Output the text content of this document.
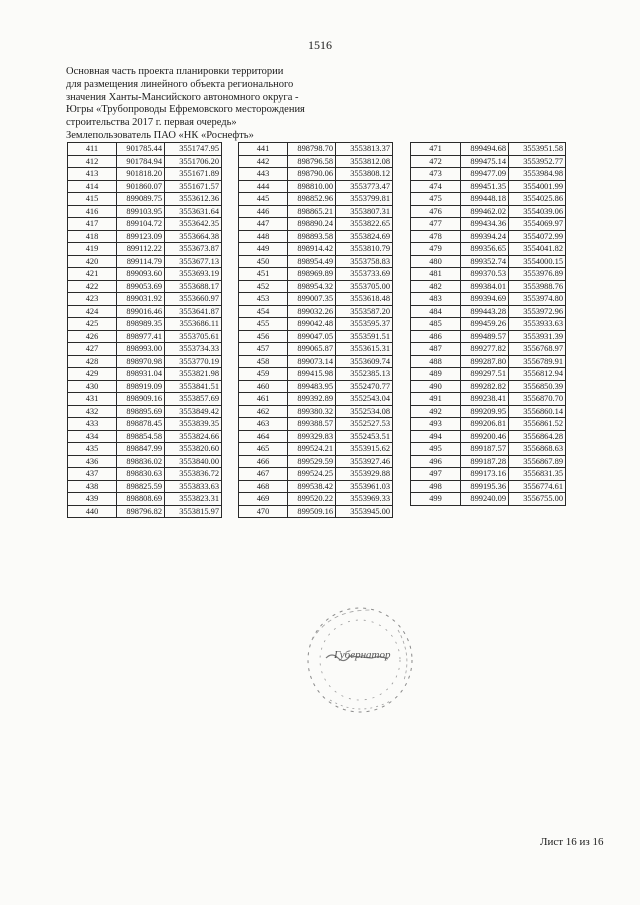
1516
Основная часть проекта планировки территории
для размещения линейного объекта регионального
значения Ханты-Мансийского автономного округа -
Югры «Трубопроводы Ефремовского месторождения
строительства 2017 г. первая очередь»
Землепользователь ПАО «НК «Роснефть»
411	901785.44	3551747.95
412	901784.94	3551706.20
413	901818.20	3551671.89
414	901860.07	3551671.57
415	899089.75	3553612.36
416	899103.95	3553631.64
417	899104.72	3553642.35
418	899123.09	3553664.38
419	899112.22	3553673.87
420	899114.79	3553677.13
421	899093.60	3553693.19
422	899053.69	3553688.17
423	899031.92	3553660.97
424	899016.46	3553641.87
425	898989.35	3553686.11
426	898977.41	3553705.61
427	898993.00	3553734.33
428	898970.98	3553770.19
429	898931.04	3553821.98
430	898919.09	3553841.51
431	898909.16	3553857.69
432	898895.69	3553849.42
433	898878.45	3553839.35
434	898854.58	3553824.66
435	898847.99	3553820.60
436	898836.02	3553840.00
437	898830.63	3553836.72
438	898825.59	3553833.63
439	898808.69	3553823.31
440	898796.82	3553815.97
441	898798.70	3553813.37
442	898796.58	3553812.08
443	898790.06	3553808.12
444	898810.00	3553773.47
445	898852.96	3553799.81
446	898865.21	3553807.31
447	898890.24	3553822.65
448	898893.58	3553824.69
449	898914.42	3553810.79
450	898954.49	3553758.83
451	898969.89	3553733.69
452	898954.32	3553705.00
453	899007.35	3553618.48
454	899032.26	3553587.20
455	899042.48	3553595.37
456	899047.05	3553591.51
457	899065.87	3553615.31
458	899073.14	3553609.74
459	899415.98	3552385.13
460	899483.95	3552470.77
461	899392.89	3552543.04
462	899380.32	3552534.08
463	899388.57	3552527.53
464	899329.83	3552453.51
465	899524.21	3553915.62
466	899529.59	3553927.46
467	899524.25	3553929.88
468	899538.42	3553961.03
469	899520.22	3553969.33
470	899509.16	3553945.00
471	899494.68	3553951.58
472	899475.14	3553952.77
473	899477.09	3553984.98
474	899451.35	3554001.99
475	899448.18	3554025.86
476	899462.02	3554039.06
477	899434.36	3554069.97
478	899394.24	3554072.99
479	899356.65	3554041.82
480	899352.74	3554000.15
481	899370.53	3553976.89
482	899384.01	3553988.76
483	899394.69	3553974.80
484	899443.28	3553972.96
485	899459.26	3553933.63
486	899489.57	3553931.39
487	899277.82	3556768.97
488	899287.80	3556789.91
489	899297.51	3556812.94
490	899282.82	3556850.39
491	899238.41	3556870.70
492	899209.95	3556860.14
493	899206.81	3556861.52
494	899200.46	3556864.28
495	899187.57	3556868.63
496	899187.28	3556867.89
497	899173.16	3556831.35
498	899195.36	3556774.61
499	899240.09	3556755.00
Губернатор
Лист 16 из 16
